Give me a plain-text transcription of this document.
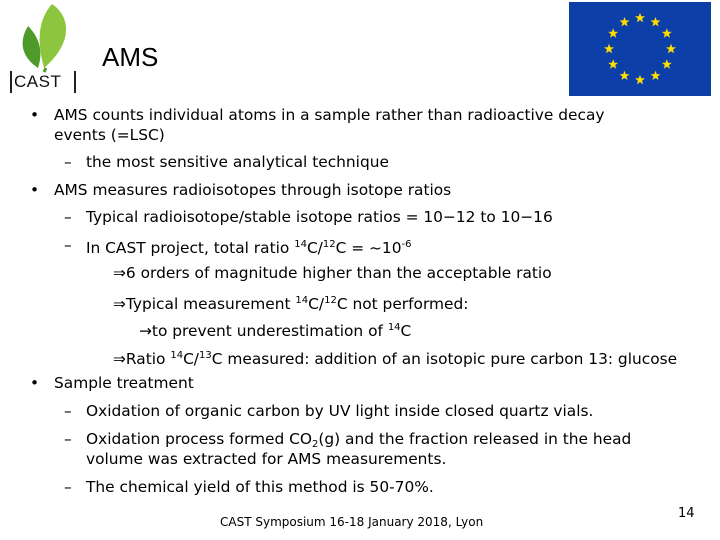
CAST
AMS
• AMS counts individual atoms in a sample rather than radioactive decay
events (=LSC)
– the most sensitive analytical technique
• AMS measures radioisotopes through isotope ratios
– Typical radioisotope/stable isotope ratios = 10−12 to 10−16
– In CAST project, total ratio $^{14}C/^{12}C = \sim 10^{-6}$
⇒6 orders of magnitude higher than the acceptable ratio
⇒Typical measurement $^{14}$C/$^{12}$C not performed:
→to prevent underestimation of $^{14}$C
⇒Ratio $^{14}$C/$^{13}$C measured: addition of an isotopic pure carbon 13: glucose
• Sample treatment
– Oxidation of organic carbon by UV light inside closed quartz vials.
– Oxidation process formed $CO_2(g)$ and the fraction released in the head
volume was extracted for AMS measurements.
– The chemical yield of this method is 50-70%.
CAST Symposium 16-18 January 2018, Lyon
14
